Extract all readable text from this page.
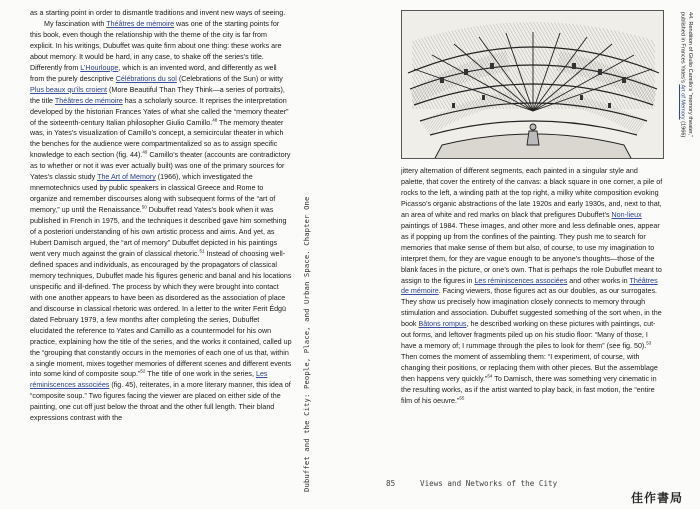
as a starting point in order to dismantle traditions and invent new ways of seeing.

My fascination with Théâtres de mémoire was one of the starting points for this book, even though the relationship with the theme of the city is far from explicit. In his writings, Dubuffet was quite firm about one thing: these works are about memory. It would be hard, in any case, to shake off the series’s title. Differently from L’Hourloupe, which is an invented word, and differently as well from the purely descriptive Célébrations du sol (Celebrations of the Sun) or witty Plus beaux qu’ils croient (More Beautiful Than They Think—a series of portraits), the title Théâtres de mémoire has a scholarly source. It reprises the interpretation developed by the historian Frances Yates of what she called the “memory theater” of the sixteenth-century Italian philosopher Giulio Camillo.$^{48}$ The memory theater was, in Yates’s visualization of Camillo’s concept, a semicircular theater in which the benches for the audience were compartmentalized so as to assign specific knowledge to each section (fig. 44).$^{49}$ Camillo’s theater (accounts are contradictory as to whether or not it was ever actually built) was one of the primary sources for Yates’s classic study The Art of Memory (1966), which investigated the mnemotechnics used by public speakers in classical Greece and Rome to organize and remember discourses along with subsequent forms of the “art of memory,” up until the Renaissance.$^{50}$ Dubuffet read Yates’s book when it was published in French in 1975, and the techniques it described gave him something of a posteriori understanding of his own artistic process and aims. And yet, as Hubert Damisch argued, the “art of memory” Dubuffet depicted in his paintings went very much against the grain of classical rhetoric.$^{51}$ Instead of choosing well-defined spaces and individuals, as encouraged by the propagators of classical memory techniques, Dubuffet made his figures generic and banal and his locations unspecific and ill-defined. The process by which they were brought into contact with one another appears to have been as disordered as the association of place and discourse in classical rhetoric was ordered. In a letter to the writer Ferit Édgü dated February 1979, a few months after completing the series, Dubuffet elucidated the reference to Yates and Camillo as a countermodel for his own practice, explaining how the title of the series, and the works it contained, called up the “grouping that constantly occurs in the memories of each one of us that, within a single moment, mixes together memories of different scenes and different events into some kind of composite soup.”$^{52}$ The title of one work in the series, Les réminiscences associées (fig. 45), reiterates, in a more literary manner, this idea of “composite soup.” Two figures facing the viewer are placed on either side of the painting, one cut off just below the throat and the other full length. Their bland expressions contrast with the	Dubuffet and the City: People, Place, and Urban Space. Chapter One
44. Rendition of Giulio Camillo’s “memory theater,”
published in Frances Yates’s Art of Memory (1966)

jittery alternation of different segments, each painted in a singular style and palette, that cover the entirety of the canvas: a black square in one corner, a pile of rocks to the left, a winding path at the top right, a milky white composition evoking Picasso’s organic abstractions of the late 1920s and early 1930s, and, next to that, an area of white and red marks on black that prefigures Dubuffet’s Non-lieux paintings of 1984. These images, and other more and less definable ones, appear as if popping up from the confines of the painting. They push me to search for memories that make sense of them but also, of course, to use my imagination to interpret them, for they are vague enough to be anyone’s thoughts—those of the blank faces in the picture, or one’s own. That is perhaps the role Dubuffet meant to assign to the figures in Les réminiscences associées and other works in Théâtres de mémoire. Facing viewers, those figures act as our doubles, as our surrogates. They show us precisely how imagination closely connects to memory through stimulation and association. Dubuffet suggested something of the sort when, in the book Bâtons rompus, he described working on these pictures with paintings, cut-out forms, and leftover fragments piled up on his studio floor: “Many of those, I have a memory of; I rummage through the piles to look for them” (see fig. 50).$^{53}$ Then comes the moment of assembling them: “I experiment, of course, with changing their positions, or replacing them with other pieces. But the assemblage then happens very quickly.”$^{54}$ To Damisch, there was something very cinematic in the resulting works, as if the artist wanted to play back, in fast motion, the “entire film of his oeuvre.”$^{55}$

85	Views and Networks of the City
佳作書局
